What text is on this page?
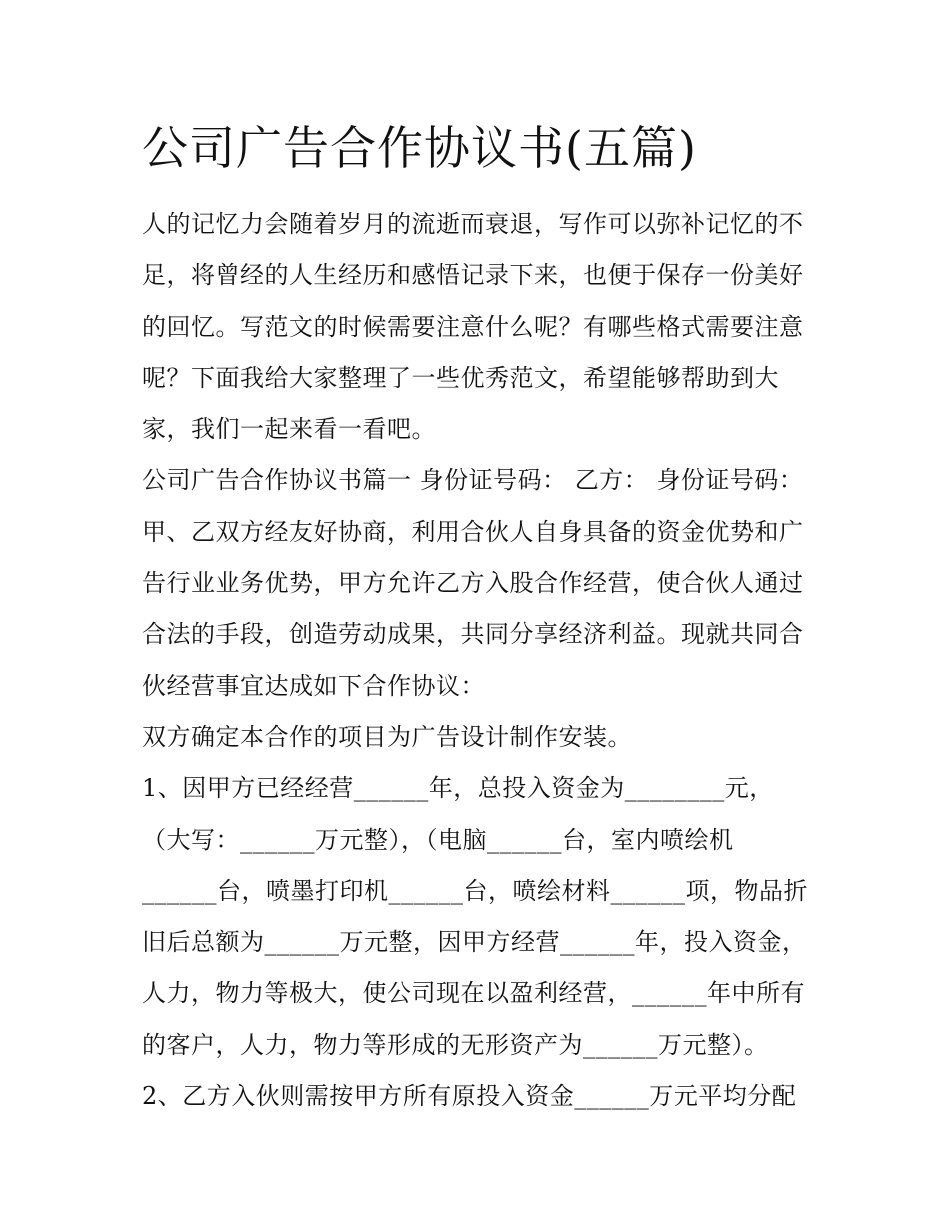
公司广告合作协议书(五篇)
人的记忆力会随着岁月的流逝而衰退，写作可以弥补记忆的不
足，将曾经的人生经历和感悟记录下来，也便于保存一份美好
的回忆。写范文的时候需要注意什么呢？有哪些格式需要注意
呢？下面我给大家整理了一些优秀范文，希望能够帮助到大
家，我们一起来看一看吧。
公司广告合作协议书篇一 身份证号码： 乙方： 身份证号码：
甲、乙双方经友好协商，利用合伙人自身具备的资金优势和广
告行业业务优势，甲方允许乙方入股合作经营，使合伙人通过
合法的手段，创造劳动成果，共同分享经济利益。现就共同合
伙经营事宜达成如下合作协议：
双方确定本合作的项目为广告设计制作安装。
1、因甲方已经经营______年，总投入资金为________元，
（大写：______万元整），（电脑______台，室内喷绘机
______台，喷墨打印机______台，喷绘材料______项，物品折
旧后总额为______万元整，因甲方经营______年，投入资金，
人力，物力等极大，使公司现在以盈利经营，______年中所有
的客户，人力，物力等形成的无形资产为______万元整）。
2、乙方入伙则需按甲方所有原投入资金______万元平均分配
